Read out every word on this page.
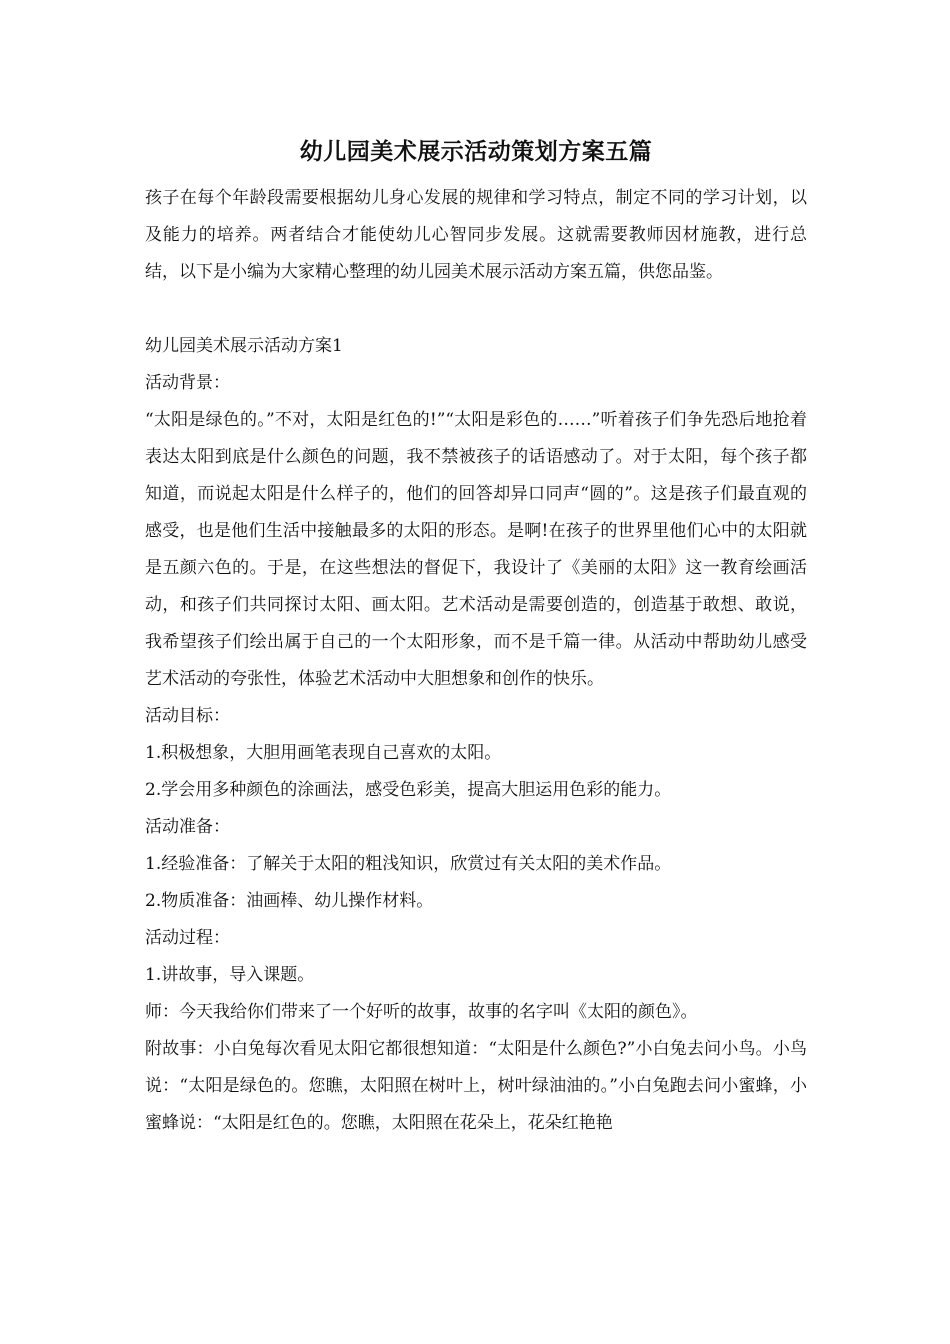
幼儿园美术展示活动策划方案五篇

孩子在每个年龄段需要根据幼儿身心发展的规律和学习特点，制定不同的学习计划，以及能力的培养。两者结合才能使幼儿心智同步发展。这就需要教师因材施教，进行总结，以下是小编为大家精心整理的幼儿园美术展示活动方案五篇，供您品鉴。

幼儿园美术展示活动方案1

活动背景：

“太阳是绿色的。”不对，太阳是红色的!”“太阳是彩色的……”听着孩子们争先恐后地抢着表达太阳到底是什么颜色的问题，我不禁被孩子的话语感动了。对于太阳，每个孩子都知道，而说起太阳是什么样子的，他们的回答却异口同声“圆的”。这是孩子们最直观的感受，也是他们生活中接触最多的太阳的形态。是啊!在孩子的世界里他们心中的太阳就是五颜六色的。于是，在这些想法的督促下，我设计了《美丽的太阳》这一教育绘画活动，和孩子们共同探讨太阳、画太阳。艺术活动是需要创造的，创造基于敢想、敢说，我希望孩子们绘出属于自己的一个太阳形象，而不是千篇一律。从活动中帮助幼儿感受艺术活动的夸张性，体验艺术活动中大胆想象和创作的快乐。

活动目标：

1.积极想象，大胆用画笔表现自己喜欢的太阳。

2.学会用多种颜色的涂画法，感受色彩美，提高大胆运用色彩的能力。

活动准备：

1.经验准备：了解关于太阳的粗浅知识，欣赏过有关太阳的美术作品。

2.物质准备：油画棒、幼儿操作材料。

活动过程：

1.讲故事，导入课题。

师：今天我给你们带来了一个好听的故事，故事的名字叫《太阳的颜色》。

附故事：小白兔每次看见太阳它都很想知道：“太阳是什么颜色?”小白兔去问小鸟。小鸟说：“太阳是绿色的。您瞧，太阳照在树叶上，树叶绿油油的。”小白兔跑去问小蜜蜂，小蜜蜂说：“太阳是红色的。您瞧，太阳照在花朵上，花朵红艳艳
